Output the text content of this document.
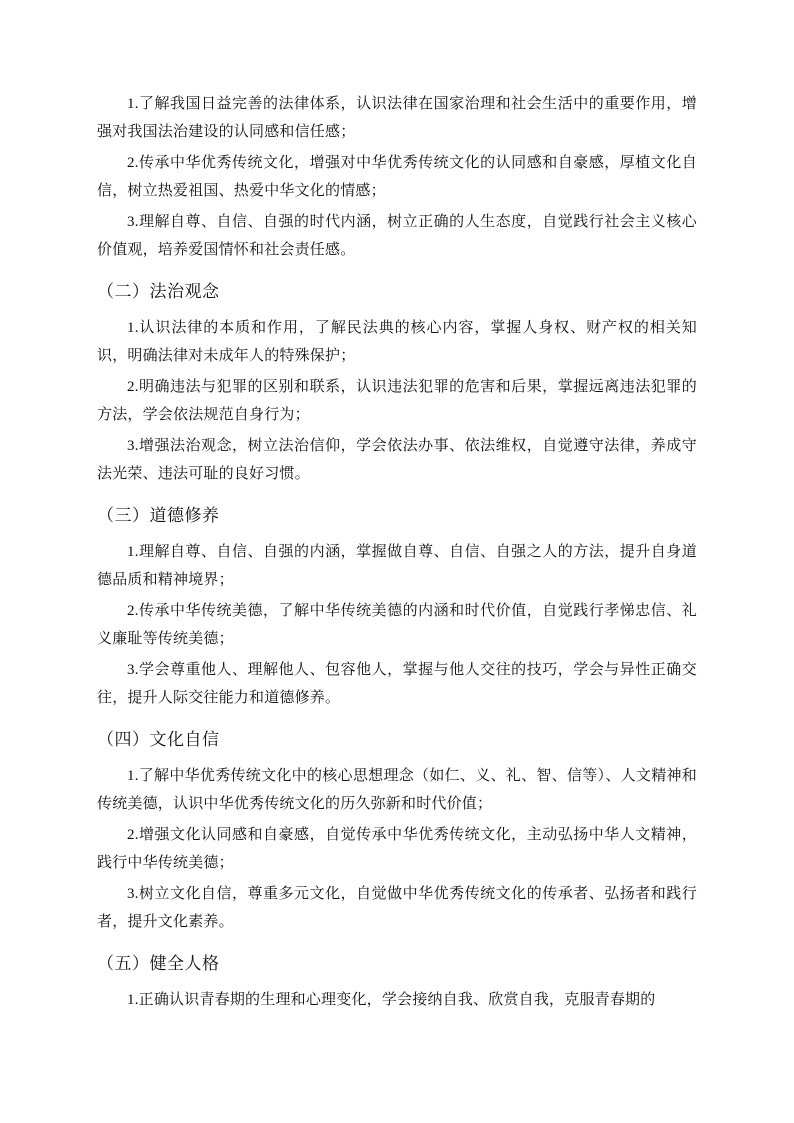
1.了解我国日益完善的法律体系，认识法律在国家治理和社会生活中的重要作用，增强对我国法治建设的认同感和信任感；

2.传承中华优秀传统文化，增强对中华优秀传统文化的认同感和自豪感，厚植文化自信，树立热爱祖国、热爱中华文化的情感；

3.理解自尊、自信、自强的时代内涵，树立正确的人生态度，自觉践行社会主义核心价值观，培养爱国情怀和社会责任感。

（二）法治观念

1.认识法律的本质和作用，了解民法典的核心内容，掌握人身权、财产权的相关知识，明确法律对未成年人的特殊保护；

2.明确违法与犯罪的区别和联系，认识违法犯罪的危害和后果，掌握远离违法犯罪的方法，学会依法规范自身行为；

3.增强法治观念，树立法治信仰，学会依法办事、依法维权，自觉遵守法律，养成守法光荣、违法可耻的良好习惯。

（三）道德修养

1.理解自尊、自信、自强的内涵，掌握做自尊、自信、自强之人的方法，提升自身道德品质和精神境界；

2.传承中华传统美德，了解中华传统美德的内涵和时代价值，自觉践行孝悌忠信、礼义廉耻等传统美德；

3.学会尊重他人、理解他人、包容他人，掌握与他人交往的技巧，学会与异性正确交往，提升人际交往能力和道德修养。

（四）文化自信

1.了解中华优秀传统文化中的核心思想理念（如仁、义、礼、智、信等）、人文精神和传统美德，认识中华优秀传统文化的历久弥新和时代价值；

2.增强文化认同感和自豪感，自觉传承中华优秀传统文化，主动弘扬中华人文精神，践行中华传统美德；

3.树立文化自信，尊重多元文化，自觉做中华优秀传统文化的传承者、弘扬者和践行者，提升文化素养。

（五）健全人格

1.正确认识青春期的生理和心理变化，学会接纳自我、欣赏自我，克服青春期的
